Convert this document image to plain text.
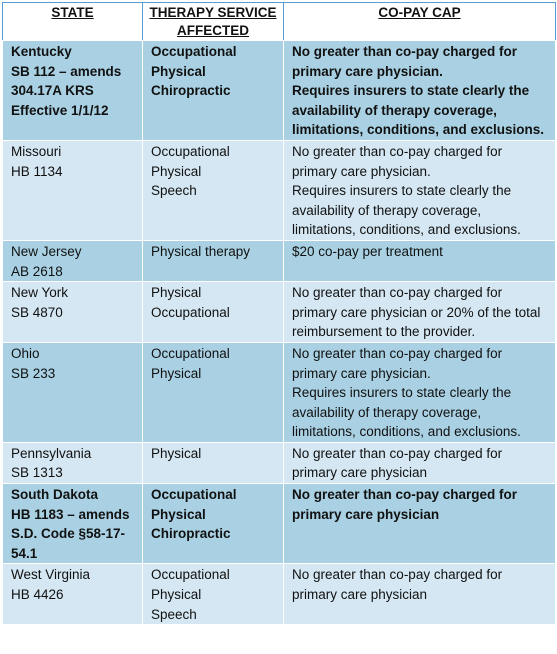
STATE	THERAPY SERVICE AFFECTED	CO-PAY CAP

Kentucky
SB 112 – amends
304.17A KRS
Effective 1/1/12	Occupational
Physical
Chiropractic	No greater than co-pay charged for primary care physician.
Requires insurers to state clearly the availability of therapy coverage, limitations, conditions, and exclusions.

Missouri
HB 1134	Occupational
Physical
Speech	No greater than co-pay charged for primary care physician.
Requires insurers to state clearly the availability of therapy coverage, limitations, conditions, and exclusions.

New Jersey
AB 2618	Physical therapy	$20 co-pay per treatment

New York
SB 4870	Physical
Occupational	No greater than co-pay charged for primary care physician or 20% of the total reimbursement to the provider.

Ohio
SB 233	Occupational
Physical	No greater than co-pay charged for primary care physician.
Requires insurers to state clearly the availability of therapy coverage, limitations, conditions, and exclusions.

Pennsylvania
SB 1313	Physical	No greater than co-pay charged for primary care physician

South Dakota
HB 1183 – amends
S.D. Code §58-17-
54.1	Occupational
Physical
Chiropractic	No greater than co-pay charged for primary care physician

West Virginia
HB 4426	Occupational
Physical
Speech	No greater than co-pay charged for primary care physician
